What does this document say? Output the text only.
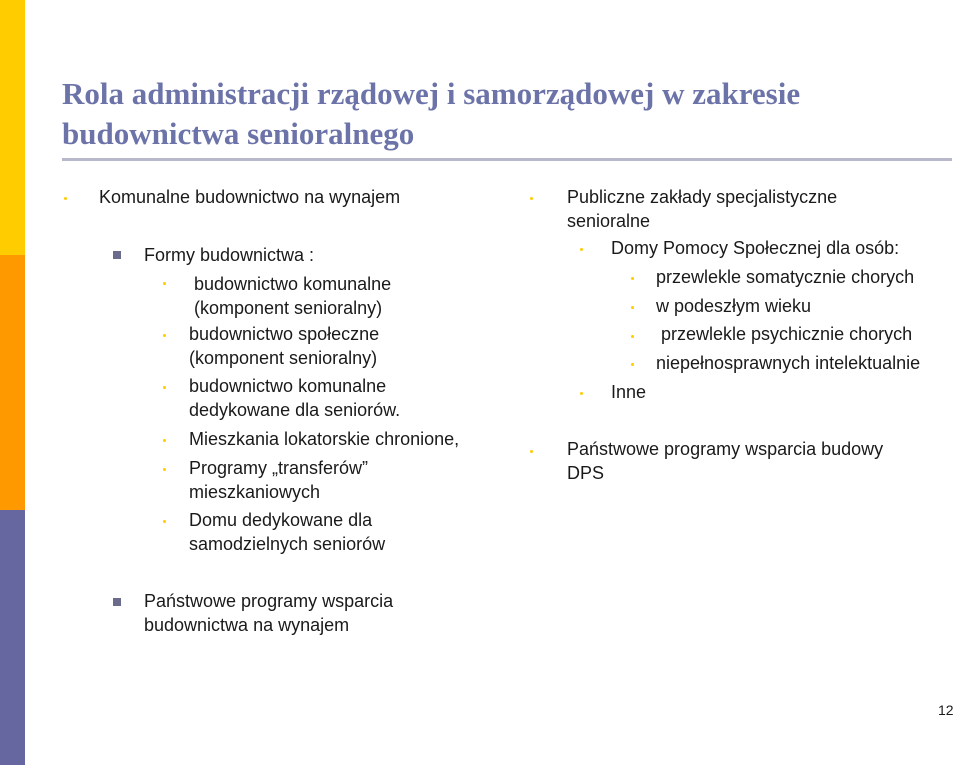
Rola administracji rządowej i samorządowej w zakresie
budownictwa senioralnego
Komunalne budownictwo na wynajem
Formy budownictwa :
budownictwo komunalne
(komponent senioralny)
budownictwo społeczne
(komponent senioralny)
budownictwo komunalne
dedykowane dla seniorów.
Mieszkania lokatorskie chronione,
Programy „transferów”
mieszkaniowych
Domu dedykowane dla
samodzielnych seniorów
Państwowe programy wsparcia
budownictwa na wynajem
Publiczne zakłady specjalistyczne
senioralne
Domy Pomocy Społecznej dla osób:
przewlekle somatycznie chorych
w podeszłym wieku
przewlekle psychicznie chorych
niepełnosprawnych intelektualnie
Inne
Państwowe programy wsparcia budowy
DPS
12
